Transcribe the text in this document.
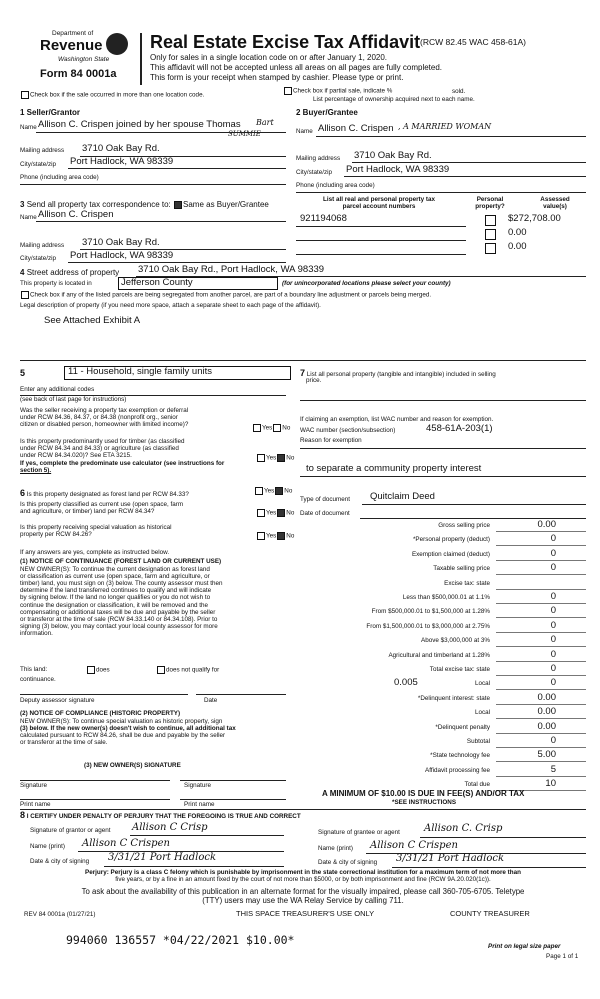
Department of
Revenue
Washington State
Form 84 0001a
Real Estate Excise Tax Affidavit (RCW 82.45 WAC 458-61A)
Only for sales in a single location code on or after January 1, 2020.
This affidavit will not be accepted unless all areas on all pages are fully completed.
This form is your receipt when stamped by cashier. Please type or print.
Check box if the sale occurred in more than one location code.
Check box if partial sale, indicate %	sold.
List percentage of ownership acquired next to each name.
1 Seller/Grantor
Name Allison C. Crispen joined by her spouse Thomas Bart
SUMMIE
Mailing address 3710 Oak Bay Rd.
City/state/zip Port Hadlock, WA 98339
Phone (including area code)
2 Buyer/Grantee
Name Allison C. Crispen , A MARRIED WOMAN
Mailing address 3710 Oak Bay Rd.
City/state/zip Port Hadlock, WA 98339
Phone (including area code)
3 Send all property tax correspondence to: Same as Buyer/Grantee
Name Allison C. Crispen
Mailing address 3710 Oak Bay Rd.
City/state/zip Port Hadlock, WA 98339
List all real and personal property tax
parcel account numbers
Personal
property?
Assessed
value(s)
921194068	$272,708.00
0.00
0.00
4 Street address of property 3710 Oak Bay Rd., Port Hadlock, WA 98339
This property is located in	Jefferson County	(for unincorporated locations please select your county)
Check box if any of the listed parcels are being segregated from another parcel, are part of a boundary line adjustment or parcels being merged.
Legal description of property (if you need more space, attach a separate sheet to each page of the affidavit).
See Attached Exhibit A
5	11 - Household, single family units
Enter any additional codes
(see back of last page for instructions)
Was the seller receiving a property tax exemption or deferral
under RCW 84.36, 84.37, or 84.38 (nonprofit org., senior
citizen or disabled person, homeowner with limited income)?	Yes No
Is this property predominantly used for timber (as classified
under RCW 84.34 and 84.33) or agriculture (as classified
under RCW 84.34.020)? See ETA 3215.
If yes, complete the predominate use calculator (see instructions for
section 5).
Yes No
6 Is this property designated as forest land per RCW 84.33?	Yes No
Is this property classified as current use (open space, farm
and agriculture, or timber) land per RCW 84.34?	Yes No
Is this property receiving special valuation as historical
property per RCW 84.26?	Yes No
If any answers are yes, complete as instructed below.
(1) NOTICE OF CONTINUANCE (FOREST LAND OR CURRENT USE)
NEW OWNER(S): To continue the current designation as forest land
or classification as current use (open space, farm and agriculture, or
timber) land, you must sign on (3) below. The county assessor must then
determine if the land transferred continues to qualify and will indicate
by signing below. If the land no longer qualifies or you do not wish to
continue the designation or classification, it will be removed and the
compensating or additional taxes will be due and payable by the seller
or transferor at the time of sale (RCW 84.33.140 or 84.34.108). Prior to
signing (3) below, you may contact your local county assessor for more
information.
This land:	does	does not qualify for
continuance.
Deputy assessor signature	Date
(2) NOTICE OF COMPLIANCE (HISTORIC PROPERTY)
NEW OWNER(S): To continue special valuation as historic property, sign
(3) below. If the new owner(s) doesn't wish to continue, all additional tax
calculated pursuant to RCW 84.26, shall be due and payable by the seller
or transferor at the time of sale.
(3) NEW OWNER(S) SIGNATURE
Signature	Signature
Print name	Print name
7 List all personal property (tangible and intangible) included in selling
price.
If claiming an exemption, list WAC number and reason for exemption.
WAC number (section/subsection)	458-61A-203(1)
Reason for exemption
to separate a community property interest
Type of document Quitclaim Deed
Date of document
Gross selling price	0.00
*Personal property (deduct)	0
Exemption claimed (deduct)	0
Taxable selling price	0
Excise tax: state
Less than $500,000.01 at 1.1%	0
From $500,000.01 to $1,500,000 at 1.28%	0
From $1,500,000.01 to $3,000,000 at 2.75%	0
Above $3,000,000 at 3%	0
Agricultural and timberland at 1.28%	0
Total excise tax: state	0
Local
0.005	0
*Delinquent interest: state	0.00
Local	0.00
*Delinquent penalty	0.00
Subtotal	0
*State technology fee	5.00
Affidavit processing fee	5
Total due	10
A MINIMUM OF $10.00 IS DUE IN FEE(S) AND/OR TAX
*SEE INSTRUCTIONS
8 I CERTIFY UNDER PENALTY OF PERJURY THAT THE FOREGOING IS TRUE AND CORRECT
Signature of grantor or agent Allison C Crisp
Name (print) Allison C Crispen
Date & city of signing 3/31/21 Port Hadlock
Signature of grantee or agent Allison C. Crisp
Name (print) Allison C Crispen
Date & city of signing 3/31/21 Port Hadlock
Perjury: Perjury is a class C felony which is punishable by imprisonment in the state correctional institution for a maximum term of not more than
five years, or by a fine in an amount fixed by the court of not more than $5000, or by both imprisonment and fine (RCW 9A.20.020(1c)).
To ask about the availability of this publication in an alternate format for the visually impaired, please call 360-705-6705. Teletype
(TTY) users may use the WA Relay Service by calling 711.
REV 84 0001a (01/27/21)	THIS SPACE TREASURER'S USE ONLY	COUNTY TREASURER
994060 136557 *04/22/2021 $10.00*	Print on legal size paper
Page 1 of 1
